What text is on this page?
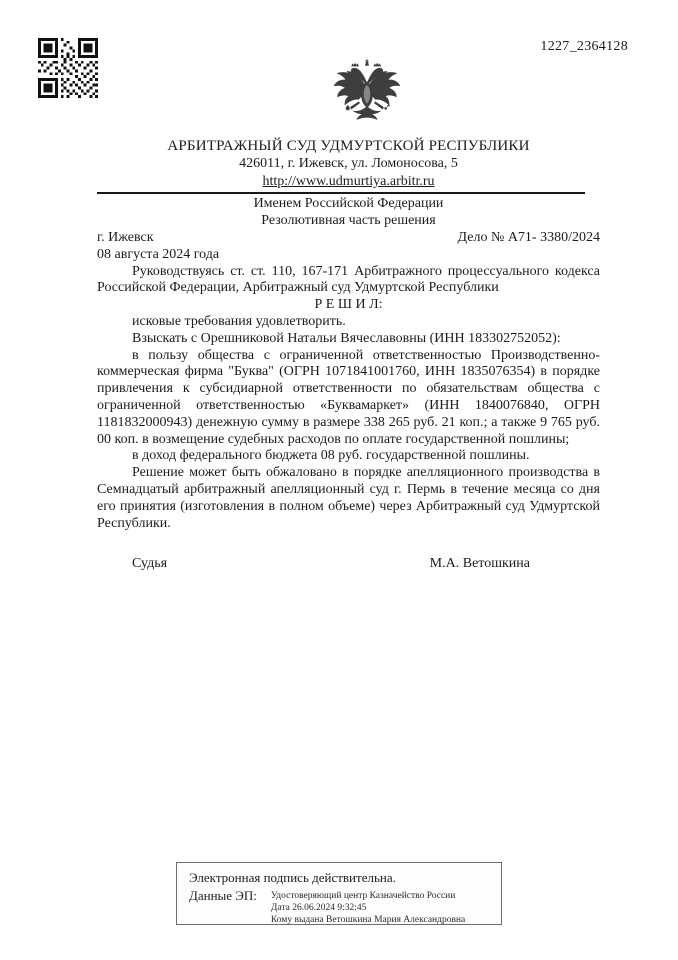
1227_2364128
АРБИТРАЖНЫЙ СУД УДМУРТСКОЙ РЕСПУБЛИКИ
426011, г. Ижевск, ул. Ломоносова, 5
http://www.udmurtiya.arbitr.ru
Именем Российской Федерации
Резолютивная часть решения
г. Ижевск	Дело № А71- 3380/2024
08 августа 2024 года

Руководствуясь ст. ст. 110, 167-171 Арбитражного процессуального кодекса Российской Федерации, Арбитражный суд Удмуртской Республики

Р Е Ш И Л:

исковые требования удовлетворить.

Взыскать с Орешниковой Натальи Вячеславовны (ИНН 183302752052):

в пользу общества с ограниченной ответственностью Производственно-коммерческая фирма "Буква" (ОГРН 1071841001760, ИНН 1835076354) в порядке привлечения к субсидиарной ответственности по обязательствам общества с ограниченной ответственностью «Буквамаркет» (ИНН 1840076840, ОГРН 1181832000943) денежную сумму в размере 338 265 руб. 21 коп.; а также 9 765 руб. 00 коп. в возмещение судебных расходов по оплате государственной пошлины;

в доход федерального бюджета 08 руб. государственной пошлины.

Решение может быть обжаловано в порядке апелляционного производства в Семнадцатый арбитражный апелляционный суд г. Пермь в течение месяца со дня его принятия (изготовления в полном объеме) через Арбитражный суд Удмуртской Республики.

Судья	М.А. Ветошкина
Электронная подпись действительна.
Данные ЭП: Удостоверяющий центр Казначейство России
Дата 26.06.2024 9:32:45
Кому выдана Ветошкина Мария Александровна
